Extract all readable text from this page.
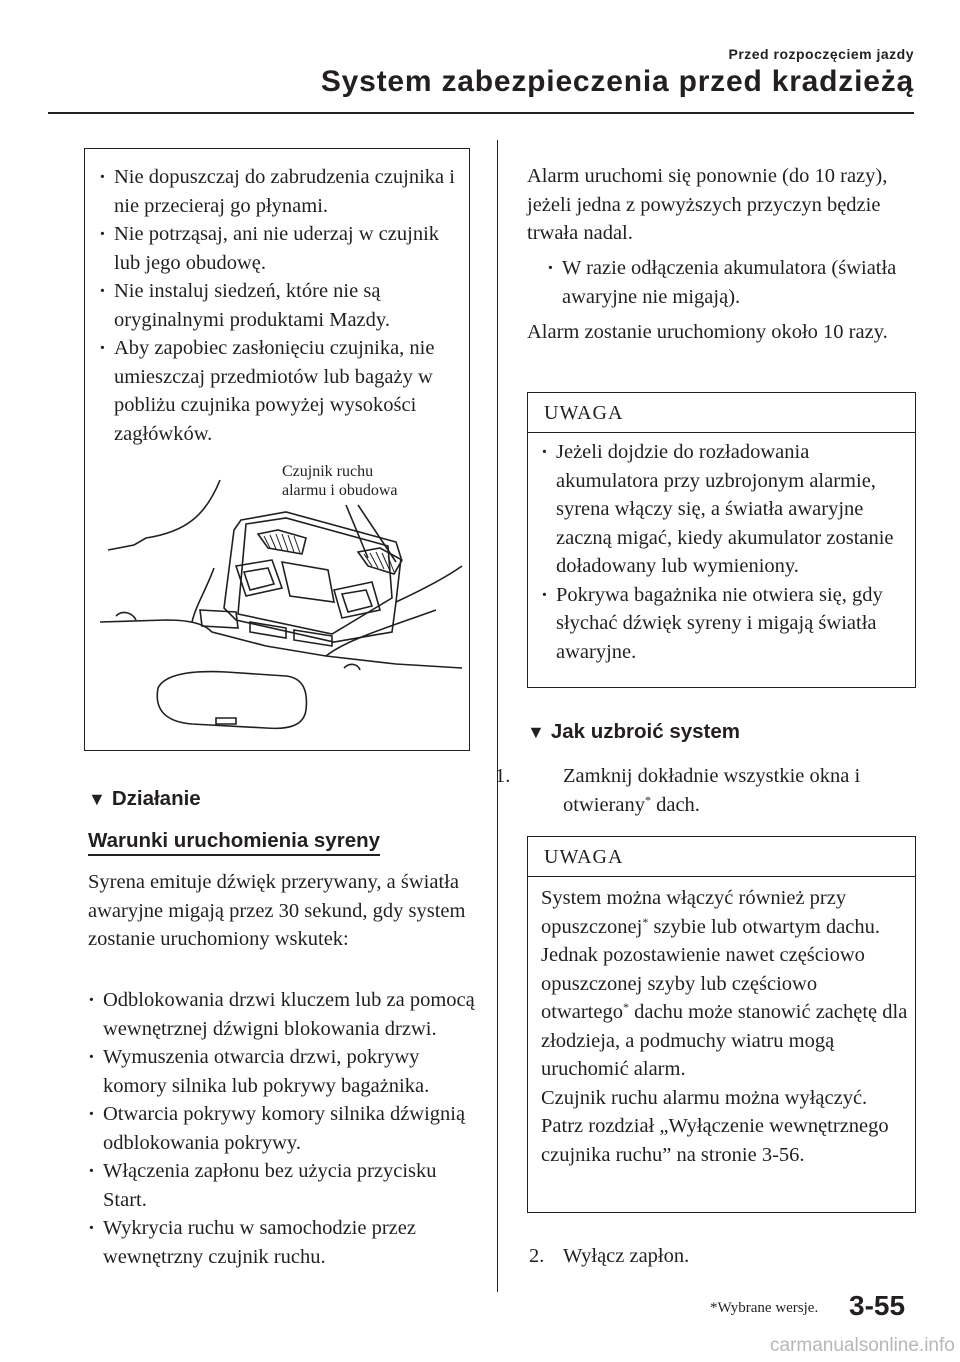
Przed rozpoczęciem jazdy
System zabezpieczenia przed kradzieżą
· Nie dopuszczaj do zabrudzenia czujnika i nie przecieraj go płynami.
· Nie potrząsaj, ani nie uderzaj w czujnik lub jego obudowę.
· Nie instaluj siedzeń, które nie są oryginalnymi produktami Mazdy.
· Aby zapobiec zasłonięciu czujnika, nie umieszczaj przedmiotów lub bagaży w pobliżu czujnika powyżej wysokości zagłówków.
Czujnik ruchu
alarmu i obudowa
▼ Działanie
Warunki uruchomienia syreny
Syrena emituje dźwięk przerywany, a światła awaryjne migają przez 30 sekund, gdy system zostanie uruchomiony wskutek:
· Odblokowania drzwi kluczem lub za pomocą wewnętrznej dźwigni blokowania drzwi.
· Wymuszenia otwarcia drzwi, pokrywy komory silnika lub pokrywy bagażnika.
· Otwarcia pokrywy komory silnika dźwignią odblokowania pokrywy.
· Włączenia zapłonu bez użycia przycisku Start.
· Wykrycia ruchu w samochodzie przez wewnętrzny czujnik ruchu.
Alarm uruchomi się ponownie (do 10 razy), jeżeli jedna z powyższych przyczyn będzie trwała nadal.
· W razie odłączenia akumulatora (światła awaryjne nie migają).
Alarm zostanie uruchomiony około 10 razy.
UWAGA
· Jeżeli dojdzie do rozładowania akumulatora przy uzbrojonym alarmie, syrena włączy się, a światła awaryjne zaczną migać, kiedy akumulator zostanie doładowany lub wymieniony.
· Pokrywa bagażnika nie otwiera się, gdy słychać dźwięk syreny i migają światła awaryjne.
▼ Jak uzbroić system
1.	Zamknij dokładnie wszystkie okna i otwierany* dach.
UWAGA
System można włączyć również przy opuszczonej* szybie lub otwartym dachu. Jednak pozostawienie nawet częściowo opuszczonej szyby lub częściowo otwartego* dachu może stanowić zachętę dla złodzieja, a podmuchy wiatru mogą uruchomić alarm.
Czujnik ruchu alarmu można wyłączyć. Patrz rozdział „Wyłączenie wewnętrznego czujnika ruchu” na stronie 3-56.
2. Wyłącz zapłon.
*Wybrane wersje. 3-55
carmanualsonline.info
